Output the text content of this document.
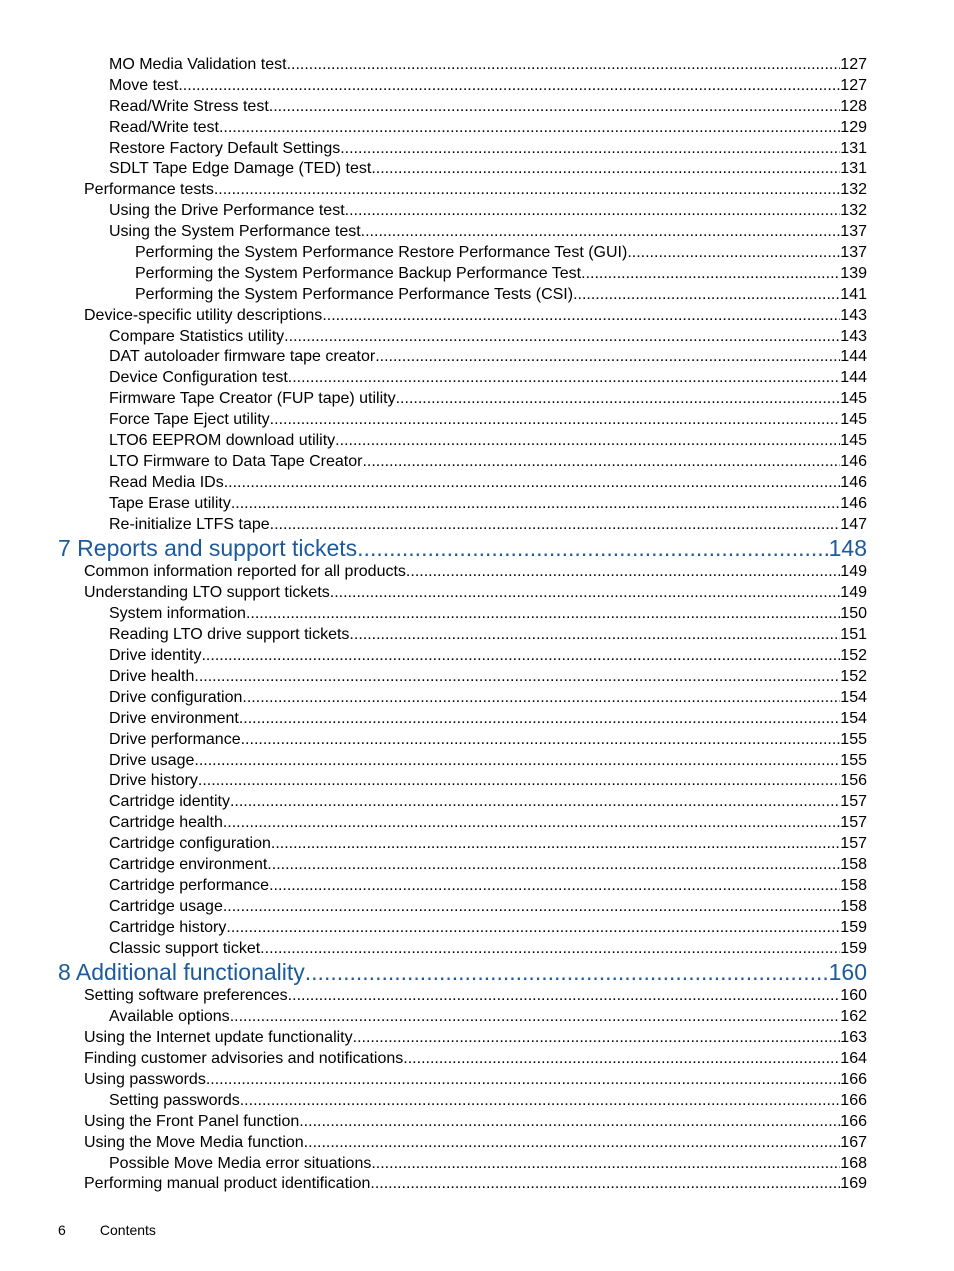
MO Media Validation test .....	127
Move test .....	127
Read/Write Stress test .....	128
Read/Write test .....	129
Restore Factory Default Settings .....	131
SDLT Tape Edge Damage (TED) test .....	131
Performance tests .....	132
Using the Drive Performance test .....	132
Using the System Performance test .....	137
Performing the System Performance Restore Performance Test (GUI) .....	137
Performing the System Performance Backup Performance Test .....	139
Performing the System Performance Performance Tests (CSI) .....	141
Device-specific utility descriptions .....	143
Compare Statistics utility .....	143
DAT autoloader firmware tape creator .....	144
Device Configuration test .....	144
Firmware Tape Creator (FUP tape) utility .....	145
Force Tape Eject utility .....	145
LTO6 EEPROM download utility .....	145
LTO Firmware to Data Tape Creator .....	146
Read Media IDs .....	146
Tape Erase utility .....	146
Re-initialize LTFS tape .....	147
7 Reports and support tickets .....	148
Common information reported for all products .....	149
Understanding LTO support tickets .....	149
System information .....	150
Reading LTO drive support tickets .....	151
Drive identity .....	152
Drive health .....	152
Drive configuration .....	154
Drive environment .....	154
Drive performance .....	155
Drive usage .....	155
Drive history .....	156
Cartridge identity .....	157
Cartridge health .....	157
Cartridge configuration .....	157
Cartridge environment .....	158
Cartridge performance .....	158
Cartridge usage .....	158
Cartridge history .....	159
Classic support ticket .....	159
8 Additional functionality .....	160
Setting software preferences .....	160
Available options .....	162
Using the Internet update functionality .....	163
Finding customer advisories and notifications .....	164
Using passwords .....	166
Setting passwords .....	166
Using the Front Panel function .....	166
Using the Move Media function .....	167
Possible Move Media error situations .....	168
Performing manual product identification .....	169
6 Contents
